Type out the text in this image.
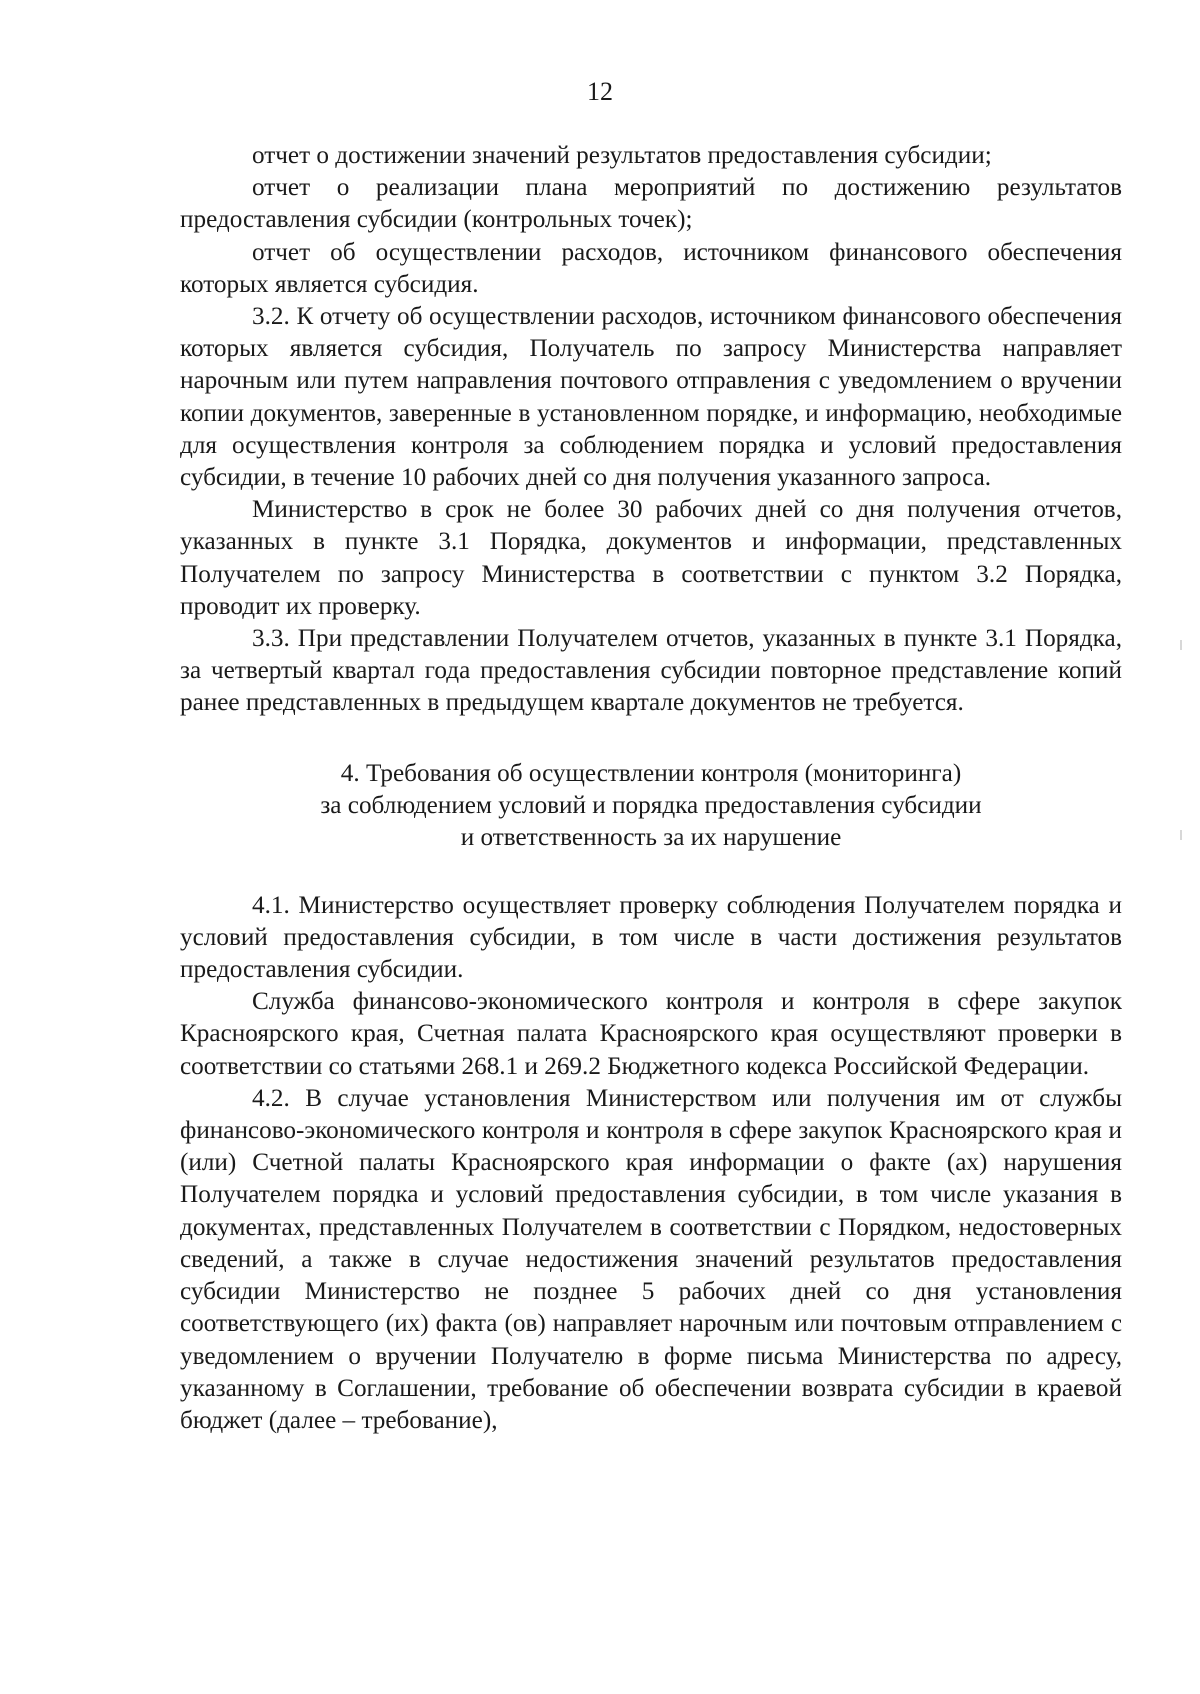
12

отчет о достижении значений результатов предоставления субсидии;

отчет о реализации плана мероприятий по достижению результатов предоставления субсидии (контрольных точек);

отчет об осуществлении расходов, источником финансового обеспечения которых является субсидия.

3.2. К отчету об осуществлении расходов, источником финансового обеспечения которых является субсидия, Получатель по запросу Министерства направляет нарочным или путем направления почтового отправления с уведомлением о вручении копии документов, заверенные в установленном порядке, и информацию, необходимые для осуществления контроля за соблюдением порядка и условий предоставления субсидии, в течение 10 рабочих дней со дня получения указанного запроса.

Министерство в срок не более 30 рабочих дней со дня получения отчетов, указанных в пункте 3.1 Порядка, документов и информации, представленных Получателем по запросу Министерства в соответствии с пунктом 3.2 Порядка, проводит их проверку.

3.3. При представлении Получателем отчетов, указанных в пункте 3.1 Порядка, за четвертый квартал года предоставления субсидии повторное представление копий ранее представленных в предыдущем квартале документов не требуется.

4. Требования об осуществлении контроля (мониторинга)
за соблюдением условий и порядка предоставления субсидии
и ответственность за их нарушение

4.1. Министерство осуществляет проверку соблюдения Получателем порядка и условий предоставления субсидии, в том числе в части достижения результатов предоставления субсидии.

Служба финансово-экономического контроля и контроля в сфере закупок Красноярского края, Счетная палата Красноярского края осуществляют проверки в соответствии со статьями 268.1 и 269.2 Бюджетного кодекса Российской Федерации.

4.2. В случае установления Министерством или получения им от службы финансово-экономического контроля и контроля в сфере закупок Красноярского края и (или) Счетной палаты Красноярского края информации о факте (ах) нарушения Получателем порядка и условий предоставления субсидии, в том числе указания в документах, представленных Получателем в соответствии с Порядком, недостоверных сведений, а также в случае недостижения значений результатов предоставления субсидии Министерство не позднее 5 рабочих дней со дня установления соответствующего (их) факта (ов) направляет нарочным или почтовым отправлением с уведомлением о вручении Получателю в форме письма Министерства по адресу, указанному в Соглашении, требование об обеспечении возврата субсидии в краевой бюджет (далее – требование),
